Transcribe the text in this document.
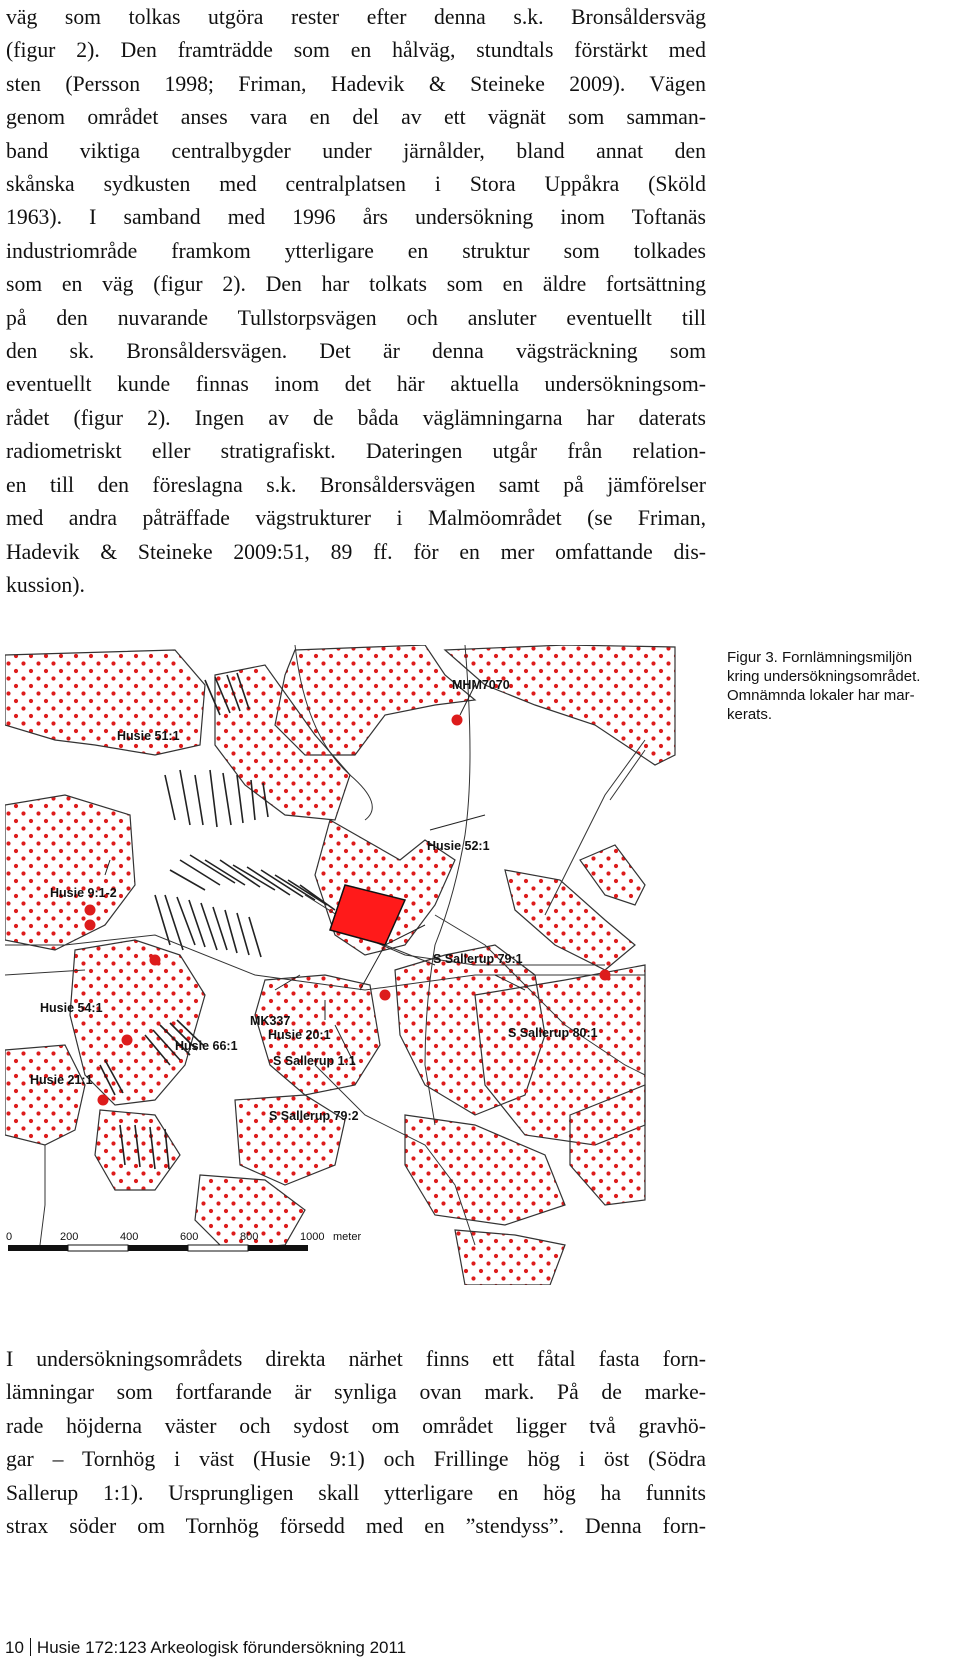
väg som tolkas utgöra rester efter denna s.k. Bronsåldersväg
(figur 2). Den framträdde som en hålväg, stundtals förstärkt med
sten (Persson 1998; Friman, Hadevik & Steineke 2009). Vägen
genom området anses vara en del av ett vägnät som samman-
band viktiga centralbygder under järnålder, bland annat den
skånska sydkusten med centralplatsen i Stora Uppåkra (Sköld
1963). I samband med 1996 års undersökning inom Toftanäs
industriområde framkom ytterligare en struktur som tolkades
som en väg (figur 2). Den har tolkats som en äldre fortsättning
på den nuvarande Tullstorpsvägen och ansluter eventuellt till
den sk. Bronsåldersvägen. Det är denna vägsträckning som
eventuellt kunde finnas inom det här aktuella undersökningsom-
rådet (figur 2). Ingen av de båda väglämningarna har daterats
radiometriskt eller stratigrafiskt. Dateringen utgår från relation-
en till den föreslagna s.k. Bronsåldersvägen samt på jämförelser
med andra påträffade vägstrukturer i Malmöområdet (se Friman,
Hadevik & Steineke 2009:51, 89 ff. för en mer omfattande dis-
kussion).
MHM7070
Husie 51:1
Husie 52:1
Husie 9:1-2
S Sallerup 79:1
Husie 54:1
MK337
Husie 20:1	S Sallerup 80:1
Husie 66:1
S Sallerup 1:1
Husie 21:1
S Sallerup 79:2
0	200	400	600	800	1000 meter
Figur 3. Fornlämningsmiljön
kring undersökningsområdet.
Omnämnda lokaler har mar-
kerats.
I undersökningsområdets direkta närhet finns ett fåtal fasta forn-
lämningar som fortfarande är synliga ovan mark. På de marke-
rade höjderna väster och sydost om området ligger två gravhö-
gar – Tornhög i väst (Husie 9:1) och Frillinge hög i öst (Södra
Sallerup 1:1). Ursprungligen skall ytterligare en hög ha funnits
strax söder om Tornhög försedd med en ”stendyss”. Denna forn-
10 Husie 172:123 Arkeologisk förundersökning 2011
